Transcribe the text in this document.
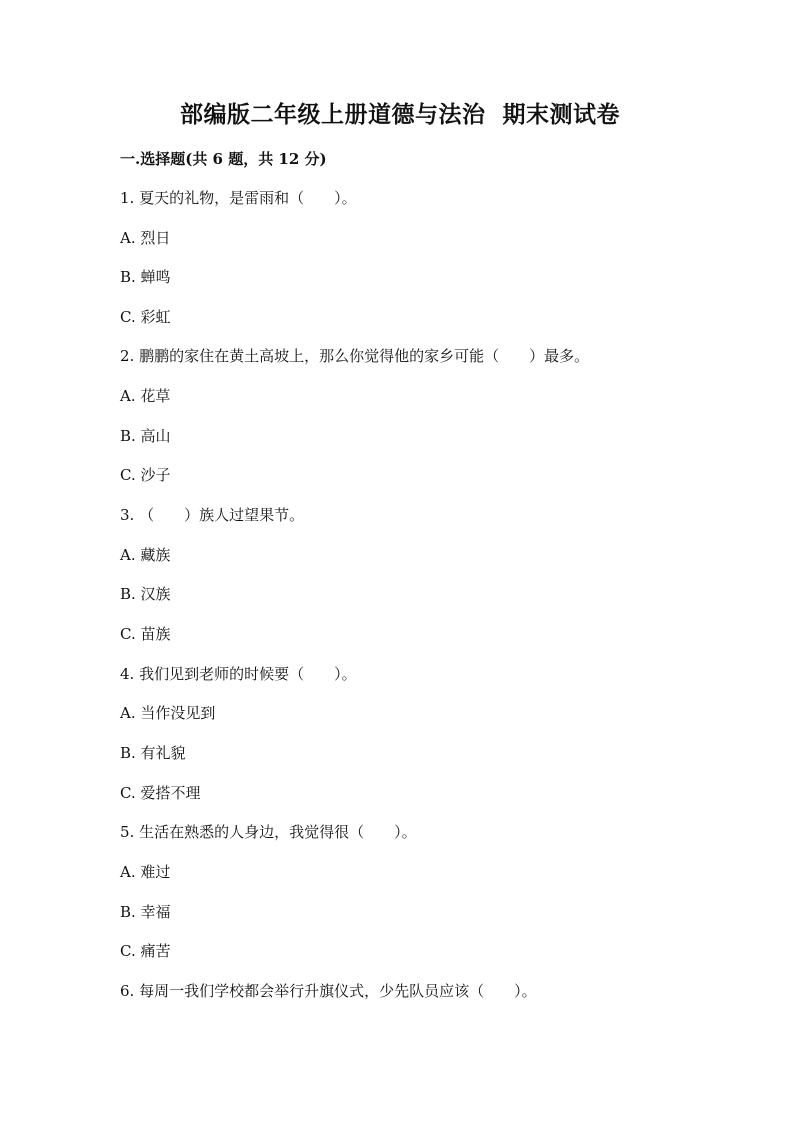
部编版二年级上册道德与法治  期末测试卷
一.选择题(共 6 题，共 12 分)
1. 夏天的礼物，是雷雨和（　　）。
A. 烈日
B. 蝉鸣
C. 彩虹
2. 鹏鹏的家住在黄土高坡上，那么你觉得他的家乡可能（　　）最多。
A. 花草
B. 高山
C. 沙子
3. （　　）族人过望果节。
A. 藏族
B. 汉族
C. 苗族
4. 我们见到老师的时候要（　　）。
A. 当作没见到
B. 有礼貌
C. 爱搭不理
5. 生活在熟悉的人身边，我觉得很（　　）。
A. 难过
B. 幸福
C. 痛苦
6. 每周一我们学校都会举行升旗仪式，少先队员应该（　　）。
